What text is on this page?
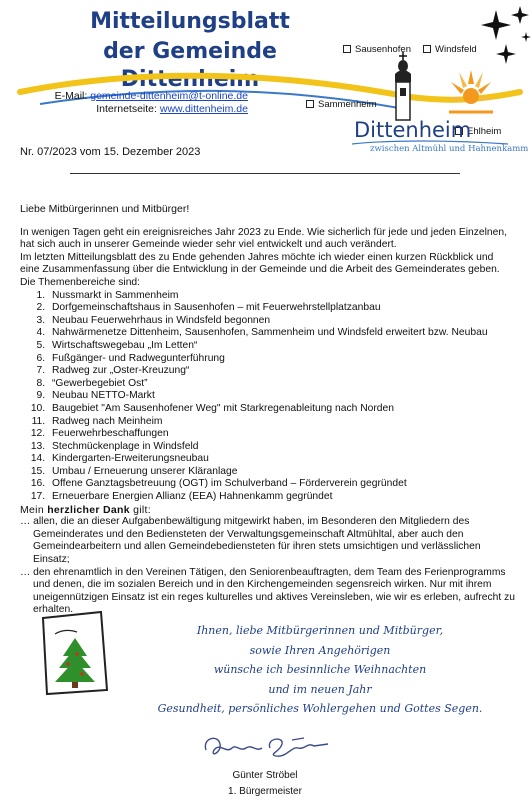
Mitteilungsblatt
der Gemeinde Dittenheim
E-Mail: gemeinde-dittenheim@t-online.de
Internetseite: www.dittenheim.de
Sausenhofen	Windsfeld
Sammenheim
Ehlheim
Dittenheim
zwischen Altmühl und Hahnenkamm
Nr. 07/2023 vom 15. Dezember 2023

Liebe Mitbürgerinnen und Mitbürger!

In wenigen Tagen geht ein ereignisreiches Jahr 2023 zu Ende. Wie sicherlich für jede und jeden Einzelnen, hat sich auch in unserer Gemeinde wieder sehr viel entwickelt und auch verändert.

Im letzten Mitteilungsblatt des zu Ende gehenden Jahres möchte ich wieder einen kurzen Rückblick und eine Zusammenfassung über die Entwicklung in der Gemeinde und die Arbeit des Gemeinderates geben.

Die Themenbereiche sind:

1. Nussmarkt in Sammenheim
2. Dorfgemeinschaftshaus in Sausenhofen – mit Feuerwehrstellplatzanbau
3. Neubau Feuerwehrhaus in Windsfeld begonnen
4. Nahwärmenetze Dittenheim, Sausenhofen, Sammenheim und Windsfeld erweitert bzw. Neubau
5. Wirtschaftswegebau „Im Letten“
6. Fußgänger- und Radwegunterführung
7. Radweg zur „Oster-Kreuzung“
8. “Gewerbegebiet Ost”
9. Neubau NETTO-Markt
10. Baugebiet "Am Sausenhofener Weg" mit Starkregenableitung nach Norden
11. Radweg nach Meinheim
12. Feuerwehrbeschaffungen
13. Stechmückenplage in Windsfeld
14. Kindergarten-Erweiterungsneubau
15. Umbau / Erneuerung unserer Kläranlage
16. Offene Ganztagsbetreuung (OGT) im Schulverband – Förderverein gegründet
17. Erneuerbare Energien Allianz (EEA) Hahnenkamm gegründet

Mein herzlicher Dank gilt:

… allen, die an dieser Aufgabenbewältigung mitgewirkt haben, im Besonderen den Mitgliedern des Gemeinderates und den Bediensteten der Verwaltungsgemeinschaft Altmühltal, aber auch den Gemeindearbeitern und allen Gemeindebediensteten für ihren stets umsichtigen und verlässlichen Einsatz;

… den ehrenamtlich in den Vereinen Tätigen, den Seniorenbeauftragten, dem Team des Ferienprogramms und denen, die im sozialen Bereich und in den Kirchengemeinden segensreich wirken. Nur mit ihrem uneigennützigen Einsatz ist ein reges kulturelles und aktives Vereinsleben, wie wir es erleben, aufrecht zu erhalten.

Ihnen, liebe Mitbürgerinnen und Mitbürger,
sowie Ihren Angehörigen
wünsche ich besinnliche Weihnachten
und im neuen Jahr
Gesundheit, persönliches Wohlergehen und Gottes Segen.
Günter Ströbel
1. Bürgermeister
